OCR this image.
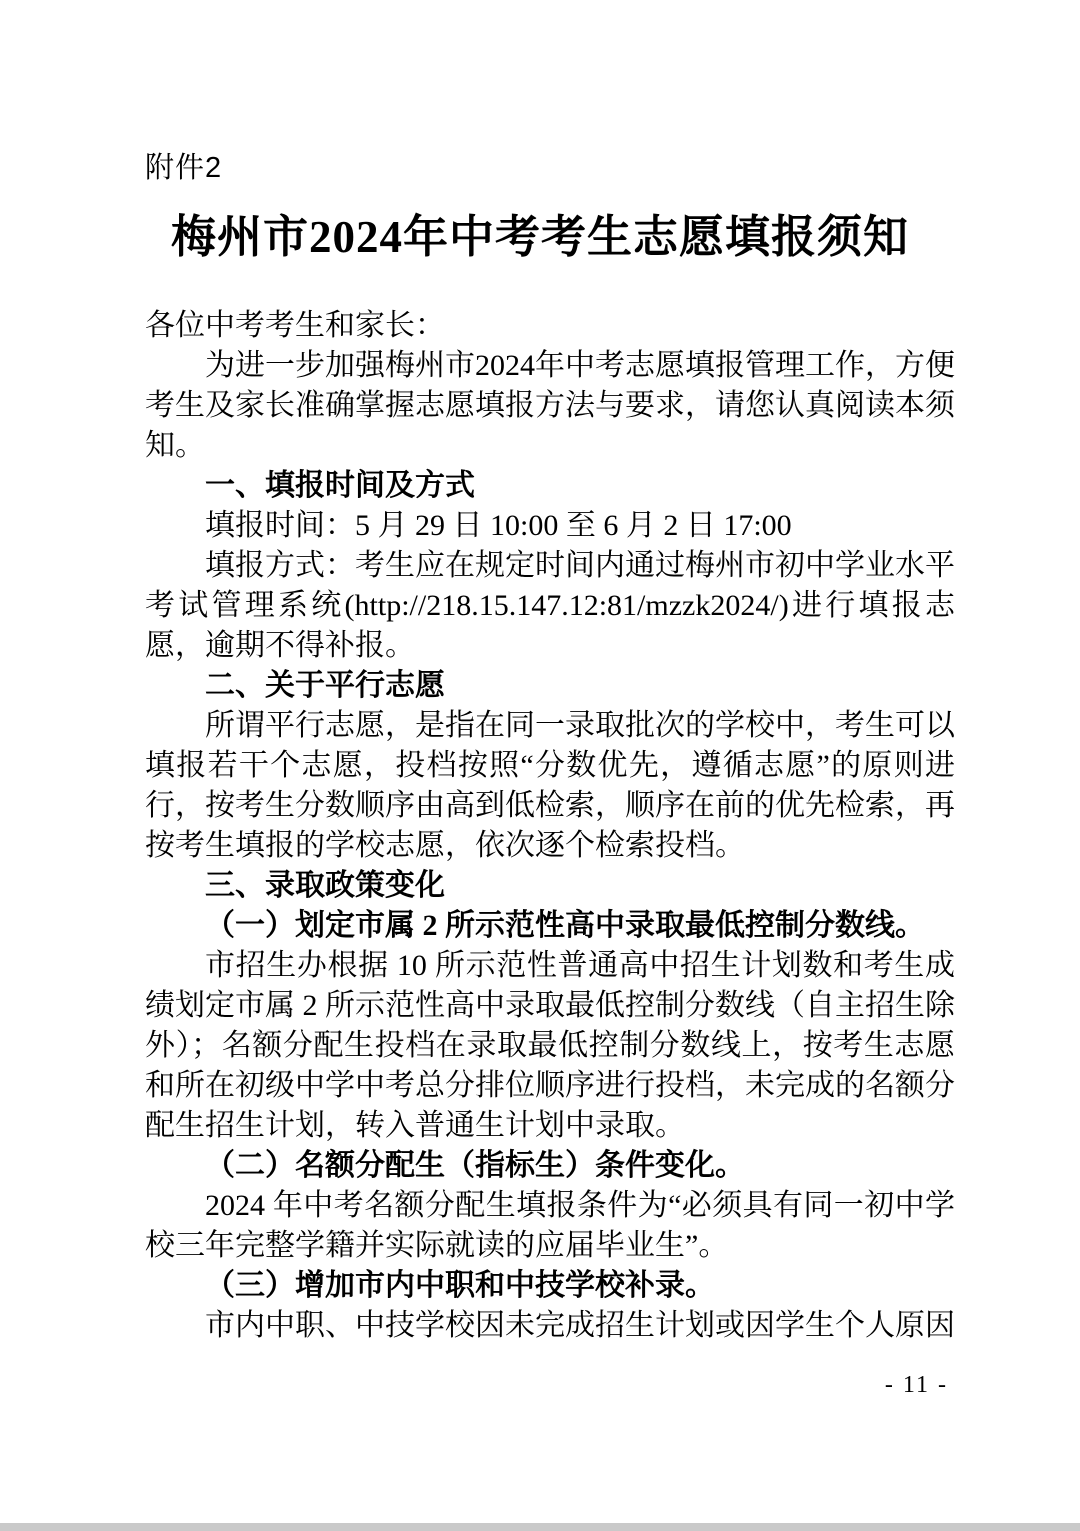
附件2
梅州市2024年中考考生志愿填报须知

各位中考考生和家长：

为进一步加强梅州市2024年中考志愿填报管理工作，方便考生及家长准确掌握志愿填报方法与要求，请您认真阅读本须知。

一、填报时间及方式

填报时间：5 月 29 日 10:00 至 6 月 2 日 17:00

填报方式：考生应在规定时间内通过梅州市初中学业水平考试管理系统(http://218.15.147.12:81/mzzk2024/)进行填报志愿，逾期不得补报。

二、关于平行志愿

所谓平行志愿，是指在同一录取批次的学校中，考生可以填报若干个志愿，投档按照“分数优先，遵循志愿”的原则进行，按考生分数顺序由高到低检索，顺序在前的优先检索，再按考生填报的学校志愿，依次逐个检索投档。

三、录取政策变化
（一）划定市属 2 所示范性高中录取最低控制分数线。

市招生办根据 10 所示范性普通高中招生计划数和考生成绩划定市属 2 所示范性高中录取最低控制分数线（自主招生除外）；名额分配生投档在录取最低控制分数线上，按考生志愿和所在初级中学中考总分排位顺序进行投档，未完成的名额分配生招生计划，转入普通生计划中录取。

（二）名额分配生（指标生）条件变化。

2024 年中考名额分配生填报条件为“必须具有同一初中学校三年完整学籍并实际就读的应届毕业生”。

（三）增加市内中职和中技学校补录。

市内中职、中技学校因未完成招生计划或因学生个人原因

- 11 -
